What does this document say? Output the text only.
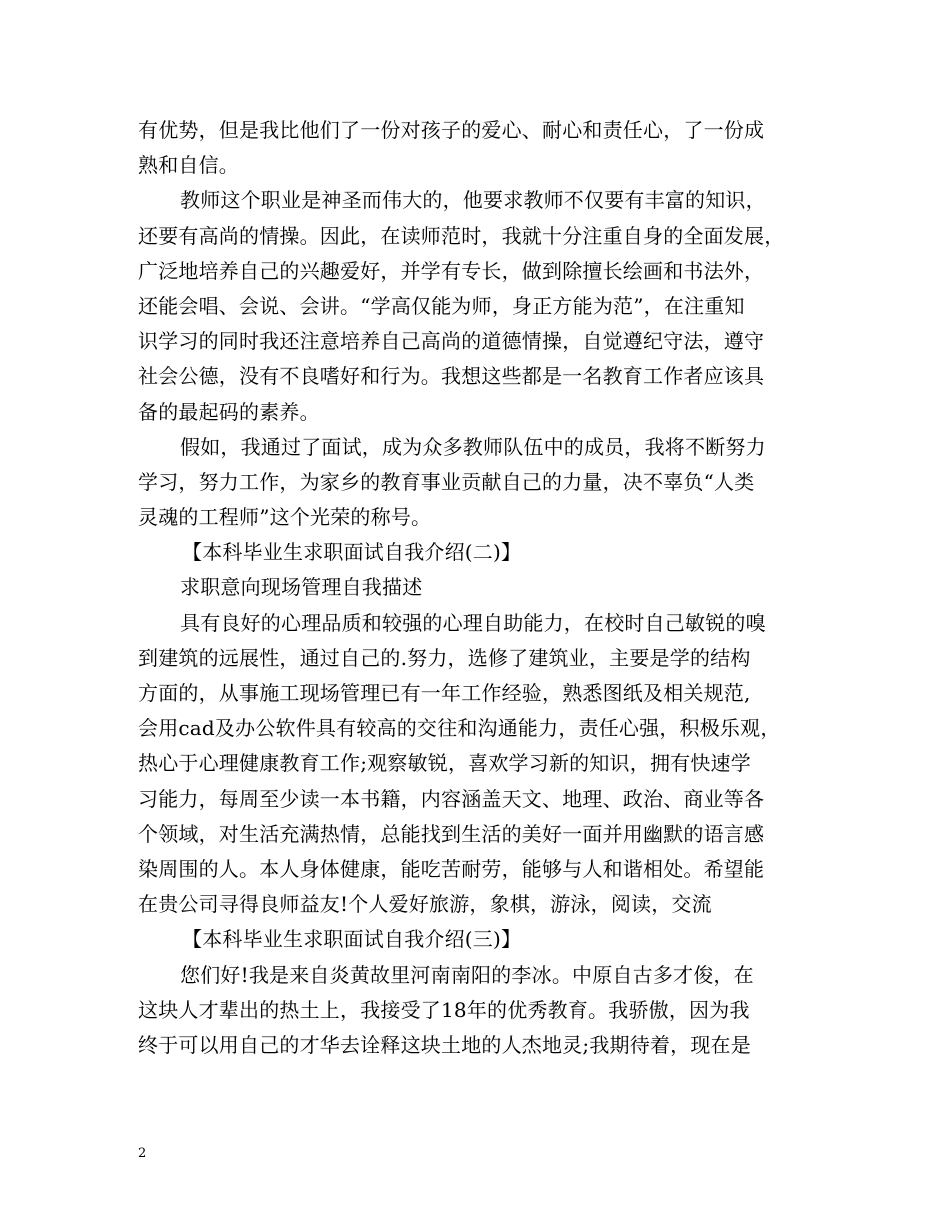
有优势，但是我比他们了一份对孩子的爱心、耐心和责任心，了一份成
熟和自信。
教师这个职业是神圣而伟大的，他要求教师不仅要有丰富的知识，
还要有高尚的情操。因此，在读师范时，我就十分注重自身的全面发展，
广泛地培养自己的兴趣爱好，并学有专长，做到除擅长绘画和书法外，
还能会唱、会说、会讲。“学高仅能为师，身正方能为范”，在注重知
识学习的同时我还注意培养自己高尚的道德情操，自觉遵纪守法，遵守
社会公德，没有不良嗜好和行为。我想这些都是一名教育工作者应该具
备的最起码的素养。
假如，我通过了面试，成为众多教师队伍中的成员，我将不断努力
学习，努力工作，为家乡的教育事业贡献自己的力量，决不辜负“人类
灵魂的工程师”这个光荣的称号。
【本科毕业生求职面试自我介绍(二)】
求职意向现场管理自我描述
具有良好的心理品质和较强的心理自助能力，在校时自己敏锐的嗅
到建筑的远展性，通过自己的.努力，选修了建筑业，主要是学的结构
方面的，从事施工现场管理已有一年工作经验，熟悉图纸及相关规范,
会用cad及办公软件具有较高的交往和沟通能力，责任心强，积极乐观，
热心于心理健康教育工作;观察敏锐，喜欢学习新的知识，拥有快速学
习能力，每周至少读一本书籍，内容涵盖天文、地理、政治、商业等各
个领域，对生活充满热情，总能找到生活的美好一面并用幽默的语言感
染周围的人。本人身体健康，能吃苦耐劳，能够与人和谐相处。希望能
在贵公司寻得良师益友!个人爱好旅游，象棋，游泳，阅读，交流
【本科毕业生求职面试自我介绍(三)】
您们好!我是来自炎黄故里河南南阳的李冰。中原自古多才俊，在
这块人才辈出的热土上，我接受了18年的优秀教育。我骄傲，因为我
终于可以用自己的才华去诠释这块土地的人杰地灵;我期待着，现在是
2
